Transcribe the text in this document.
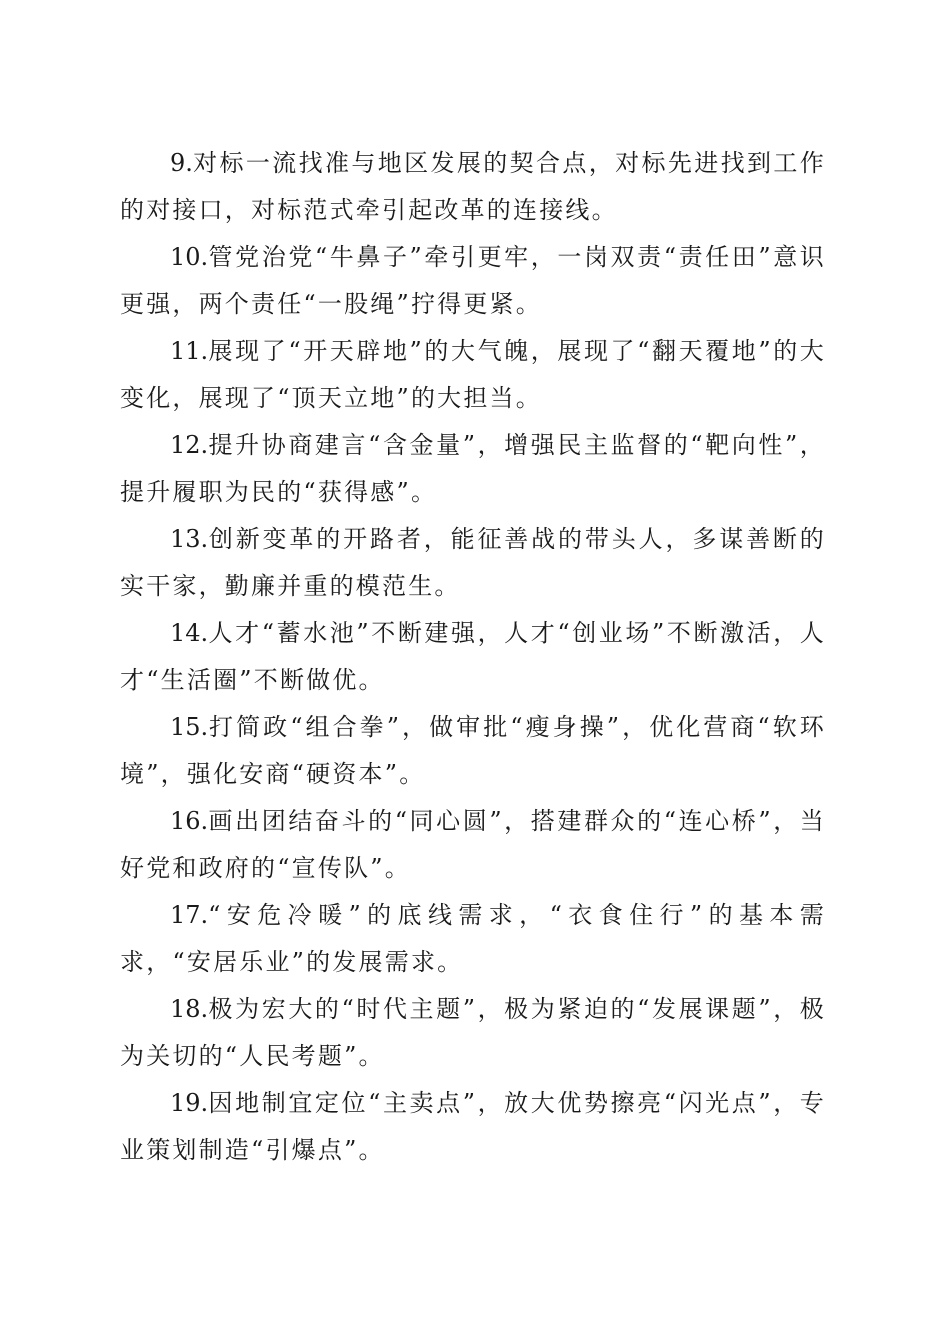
9.对标一流找准与地区发展的契合点，对标先进找到工作的对接口，对标范式牵引起改革的连接线。

10.管党治党“牛鼻子”牵引更牢，一岗双责“责任田”意识更强，两个责任“一股绳”拧得更紧。

11.展现了“开天辟地”的大气魄，展现了“翻天覆地”的大变化，展现了“顶天立地”的大担当。

12.提升协商建言“含金量”，增强民主监督的“靶向性”，提升履职为民的“获得感”。

13.创新变革的开路者，能征善战的带头人，多谋善断的实干家，勤廉并重的模范生。

14.人才“蓄水池”不断建强，人才“创业场”不断激活，人才“生活圈”不断做优。

15.打简政“组合拳”，做审批“瘦身操”，优化营商“软环境”，强化安商“硬资本”。

16.画出团结奋斗的“同心圆”，搭建群众的“连心桥”，当好党和政府的“宣传队”。

17.“安危冷暖”的底线需求，“衣食住行”的基本需求，“安居乐业”的发展需求。

18.极为宏大的“时代主题”，极为紧迫的“发展课题”，极为关切的“人民考题”。

19.因地制宜定位“主卖点”，放大优势擦亮“闪光点”，专业策划制造“引爆点”。
